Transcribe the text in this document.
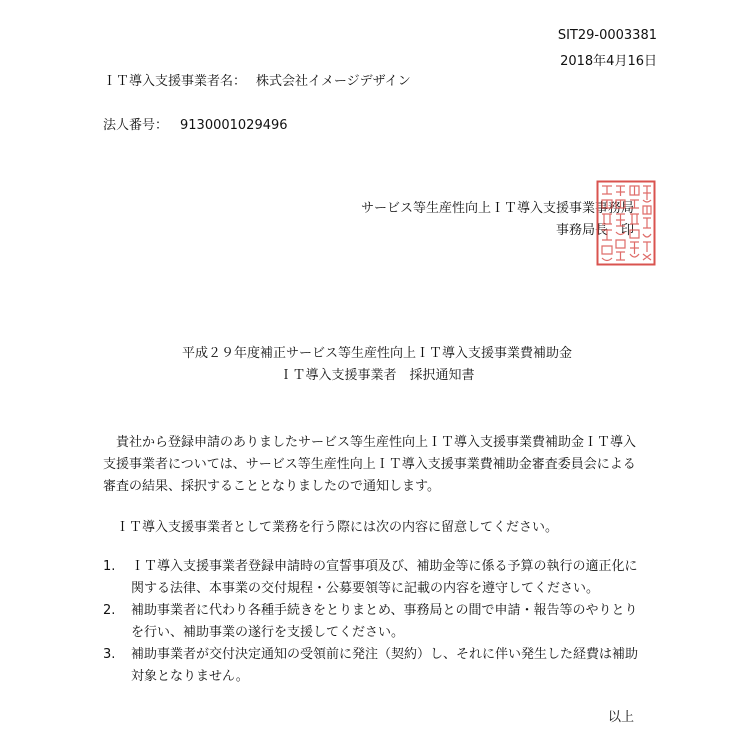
SIT29-0003381
2018年4月16日
ＩＴ導入支援事業者名： 株式会社イメージデザイン
法人番号： 9130001029496
サービス等生産性向上ＩＴ導入支援事業事務局
事務局長　印
平成２９年度補正サービス等生産性向上ＩＴ導入支援事業費補助金
ＩＴ導入支援事業者　採択通知書
　貴社から登録申請のありましたサービス等生産性向上ＩＴ導入支援事業費補助金ＩＴ導入支援事業者については、サービス等生産性向上ＩＴ導入支援事業費補助金審査委員会による審査の結果、採択することとなりましたので通知します。
　ＩＴ導入支援事業者として業務を行う際には次の内容に留意してください。
1. ＩＴ導入支援事業者登録申請時の宣誓事項及び、補助金等に係る予算の執行の適正化に関する法律、本事業の交付規程・公募要領等に記載の内容を遵守してください。
2. 補助事業者に代わり各種手続きをとりまとめ、事務局との間で申請・報告等のやりとりを行い、補助事業の遂行を支援してください。
3. 補助事業者が交付決定通知の受領前に発注（契約）し、それに伴い発生した経費は補助対象となりません。
以上
